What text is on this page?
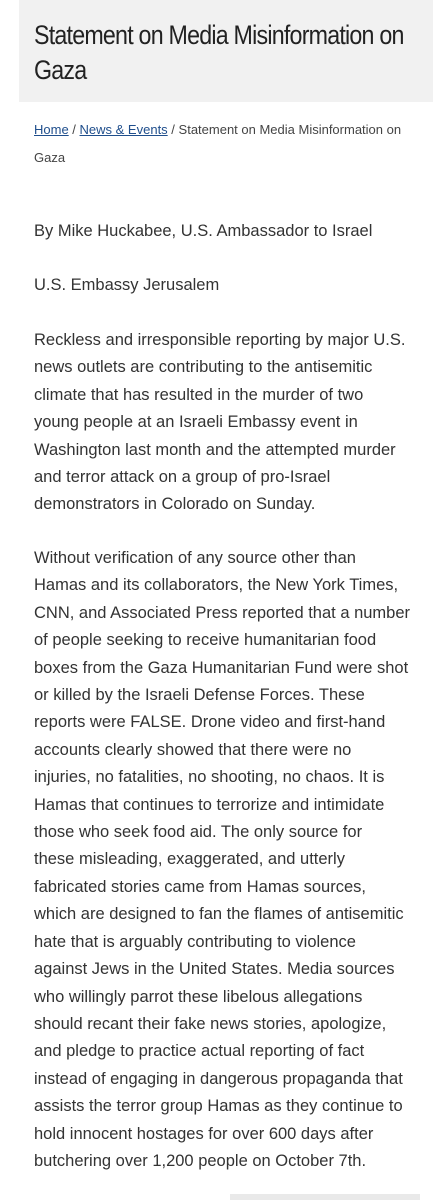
Statement on Media Misinformation on Gaza
Home / News & Events / Statement on Media Misinformation on
Gaza

By Mike Huckabee, U.S. Ambassador to Israel

U.S. Embassy Jerusalem

Reckless and irresponsible reporting by major U.S.
news outlets are contributing to the antisemitic
climate that has resulted in the murder of two
young people at an Israeli Embassy event in
Washington last month and the attempted murder
and terror attack on a group of pro-Israel
demonstrators in Colorado on Sunday.

Without verification of any source other than
Hamas and its collaborators, the New York Times,
CNN, and Associated Press reported that a number
of people seeking to receive humanitarian food
boxes from the Gaza Humanitarian Fund were shot
or killed by the Israeli Defense Forces. These
reports were FALSE. Drone video and first-hand
accounts clearly showed that there were no
injuries, no fatalities, no shooting, no chaos. It is
Hamas that continues to terrorize and intimidate
those who seek food aid. The only source for
these misleading, exaggerated, and utterly
fabricated stories came from Hamas sources,
which are designed to fan the flames of antisemitic
hate that is arguably contributing to violence
against Jews in the United States. Media sources
who willingly parrot these libelous allegations
should recant their fake news stories, apologize,
and pledge to practice actual reporting of fact
instead of engaging in dangerous propaganda that
assists the terror group Hamas as they continue to
hold innocent hostages for over 600 days after
butchering over 1,200 people on October 7th.
